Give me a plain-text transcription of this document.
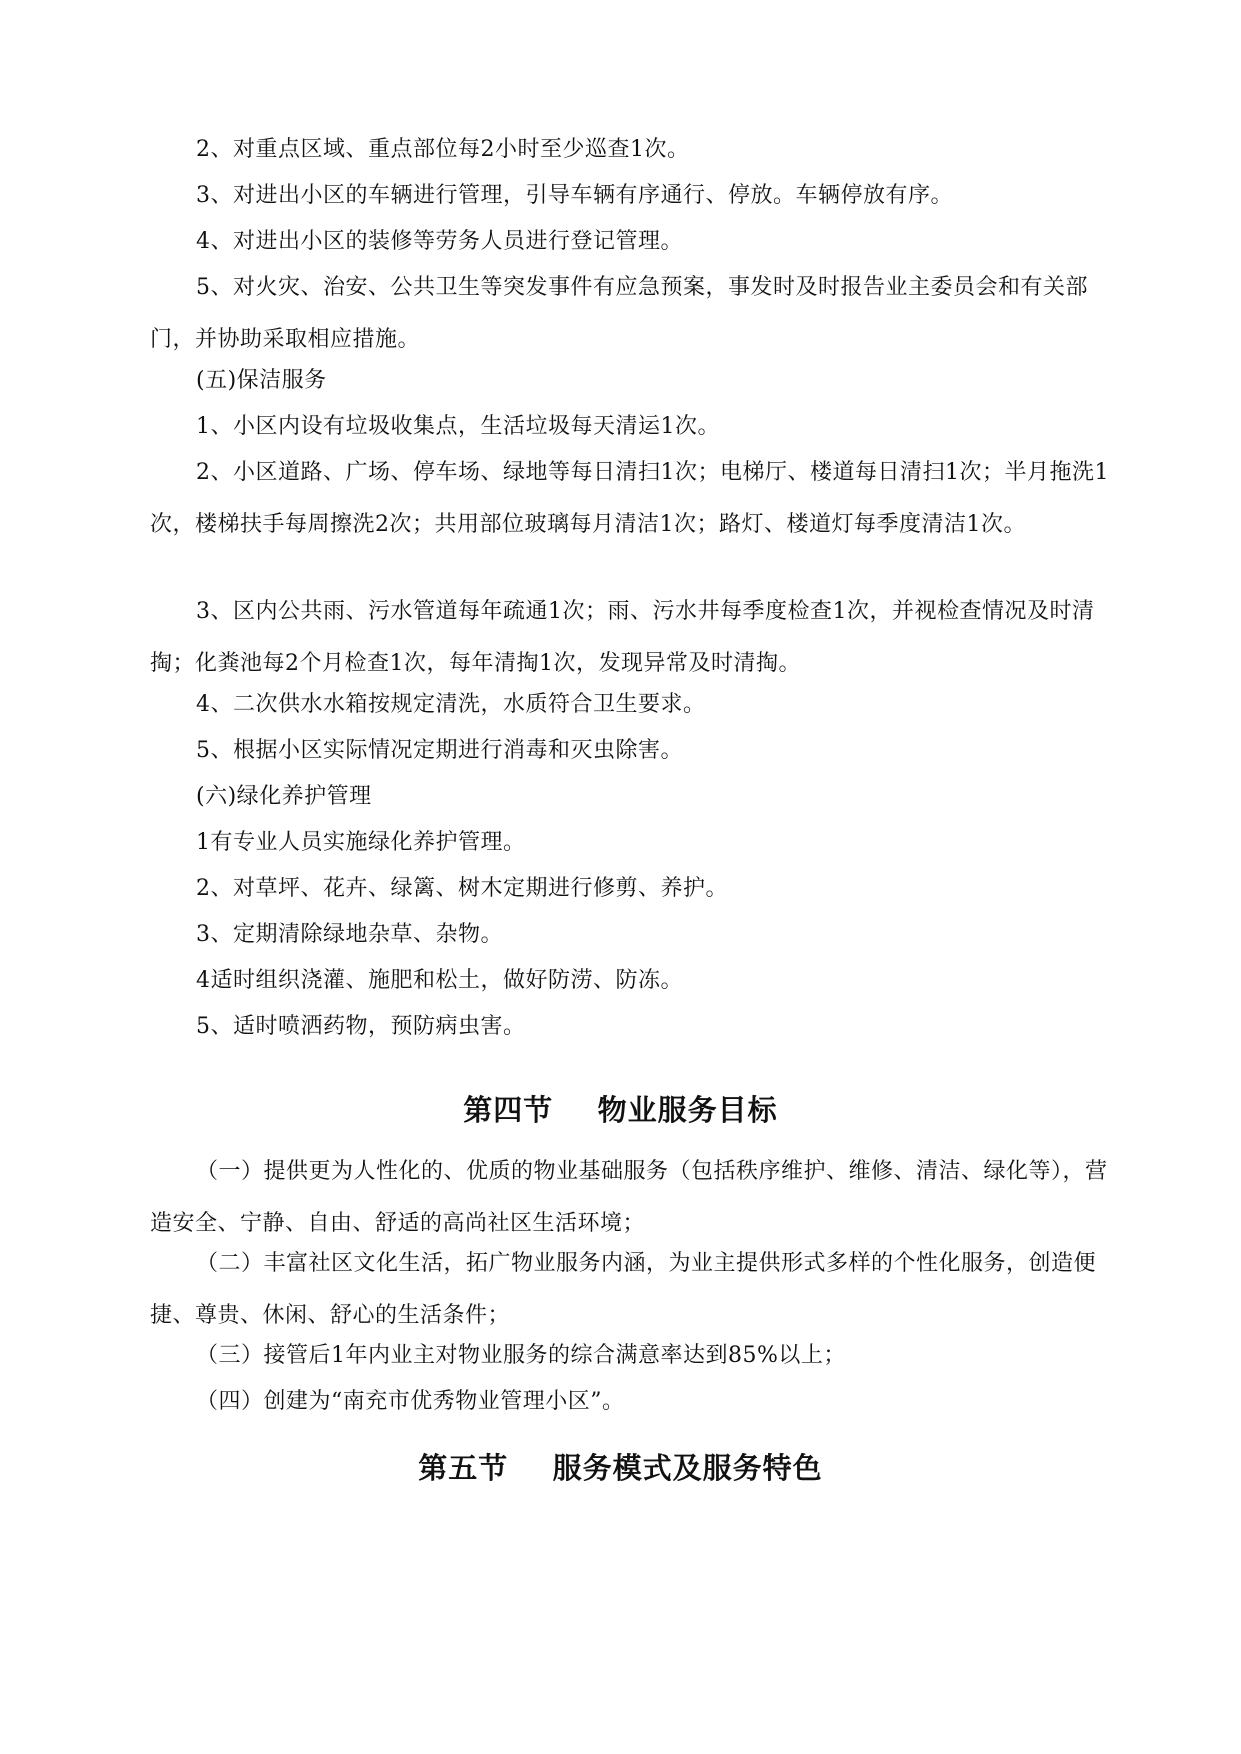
2、对重点区域、重点部位每2小时至少巡查1次。

3、对进出小区的车辆进行管理，引导车辆有序通行、停放。车辆停放有序。

4、对进出小区的装修等劳务人员进行登记管理。

5、对火灾、治安、公共卫生等突发事件有应急预案，事发时及时报告业主委员会和有关部门，并协助采取相应措施。

(五)保洁服务

1、小区内设有垃圾收集点，生活垃圾每天清运1次。

2、小区道路、广场、停车场、绿地等每日清扫1次；电梯厅、楼道每日清扫1次；半月拖洗1次，楼梯扶手每周擦洗2次；共用部位玻璃每月清洁1次；路灯、楼道灯每季度清洁1次。

3、区内公共雨、污水管道每年疏通1次；雨、污水井每季度检查1次，并视检查情况及时清掏；化粪池每2个月检查1次，每年清掏1次，发现异常及时清掏。

4、二次供水水箱按规定清洗，水质符合卫生要求。

5、根据小区实际情况定期进行消毒和灭虫除害。

(六)绿化养护管理

1有专业人员实施绿化养护管理。

2、对草坪、花卉、绿篱、树木定期进行修剪、养护。

3、定期清除绿地杂草、杂物。

4适时组织浇灌、施肥和松土，做好防涝、防冻。

5、适时喷洒药物，预防病虫害。

第四节    物业服务目标

（一）提供更为人性化的、优质的物业基础服务（包括秩序维护、维修、清洁、绿化等），营造安全、宁静、自由、舒适的高尚社区生活环境；

（二）丰富社区文化生活，拓广物业服务内涵，为业主提供形式多样的个性化服务，创造便捷、尊贵、休闲、舒心的生活条件；

（三）接管后1年内业主对物业服务的综合满意率达到85%以上；

（四）创建为“南充市优秀物业管理小区”。

第五节    服务模式及服务特色
